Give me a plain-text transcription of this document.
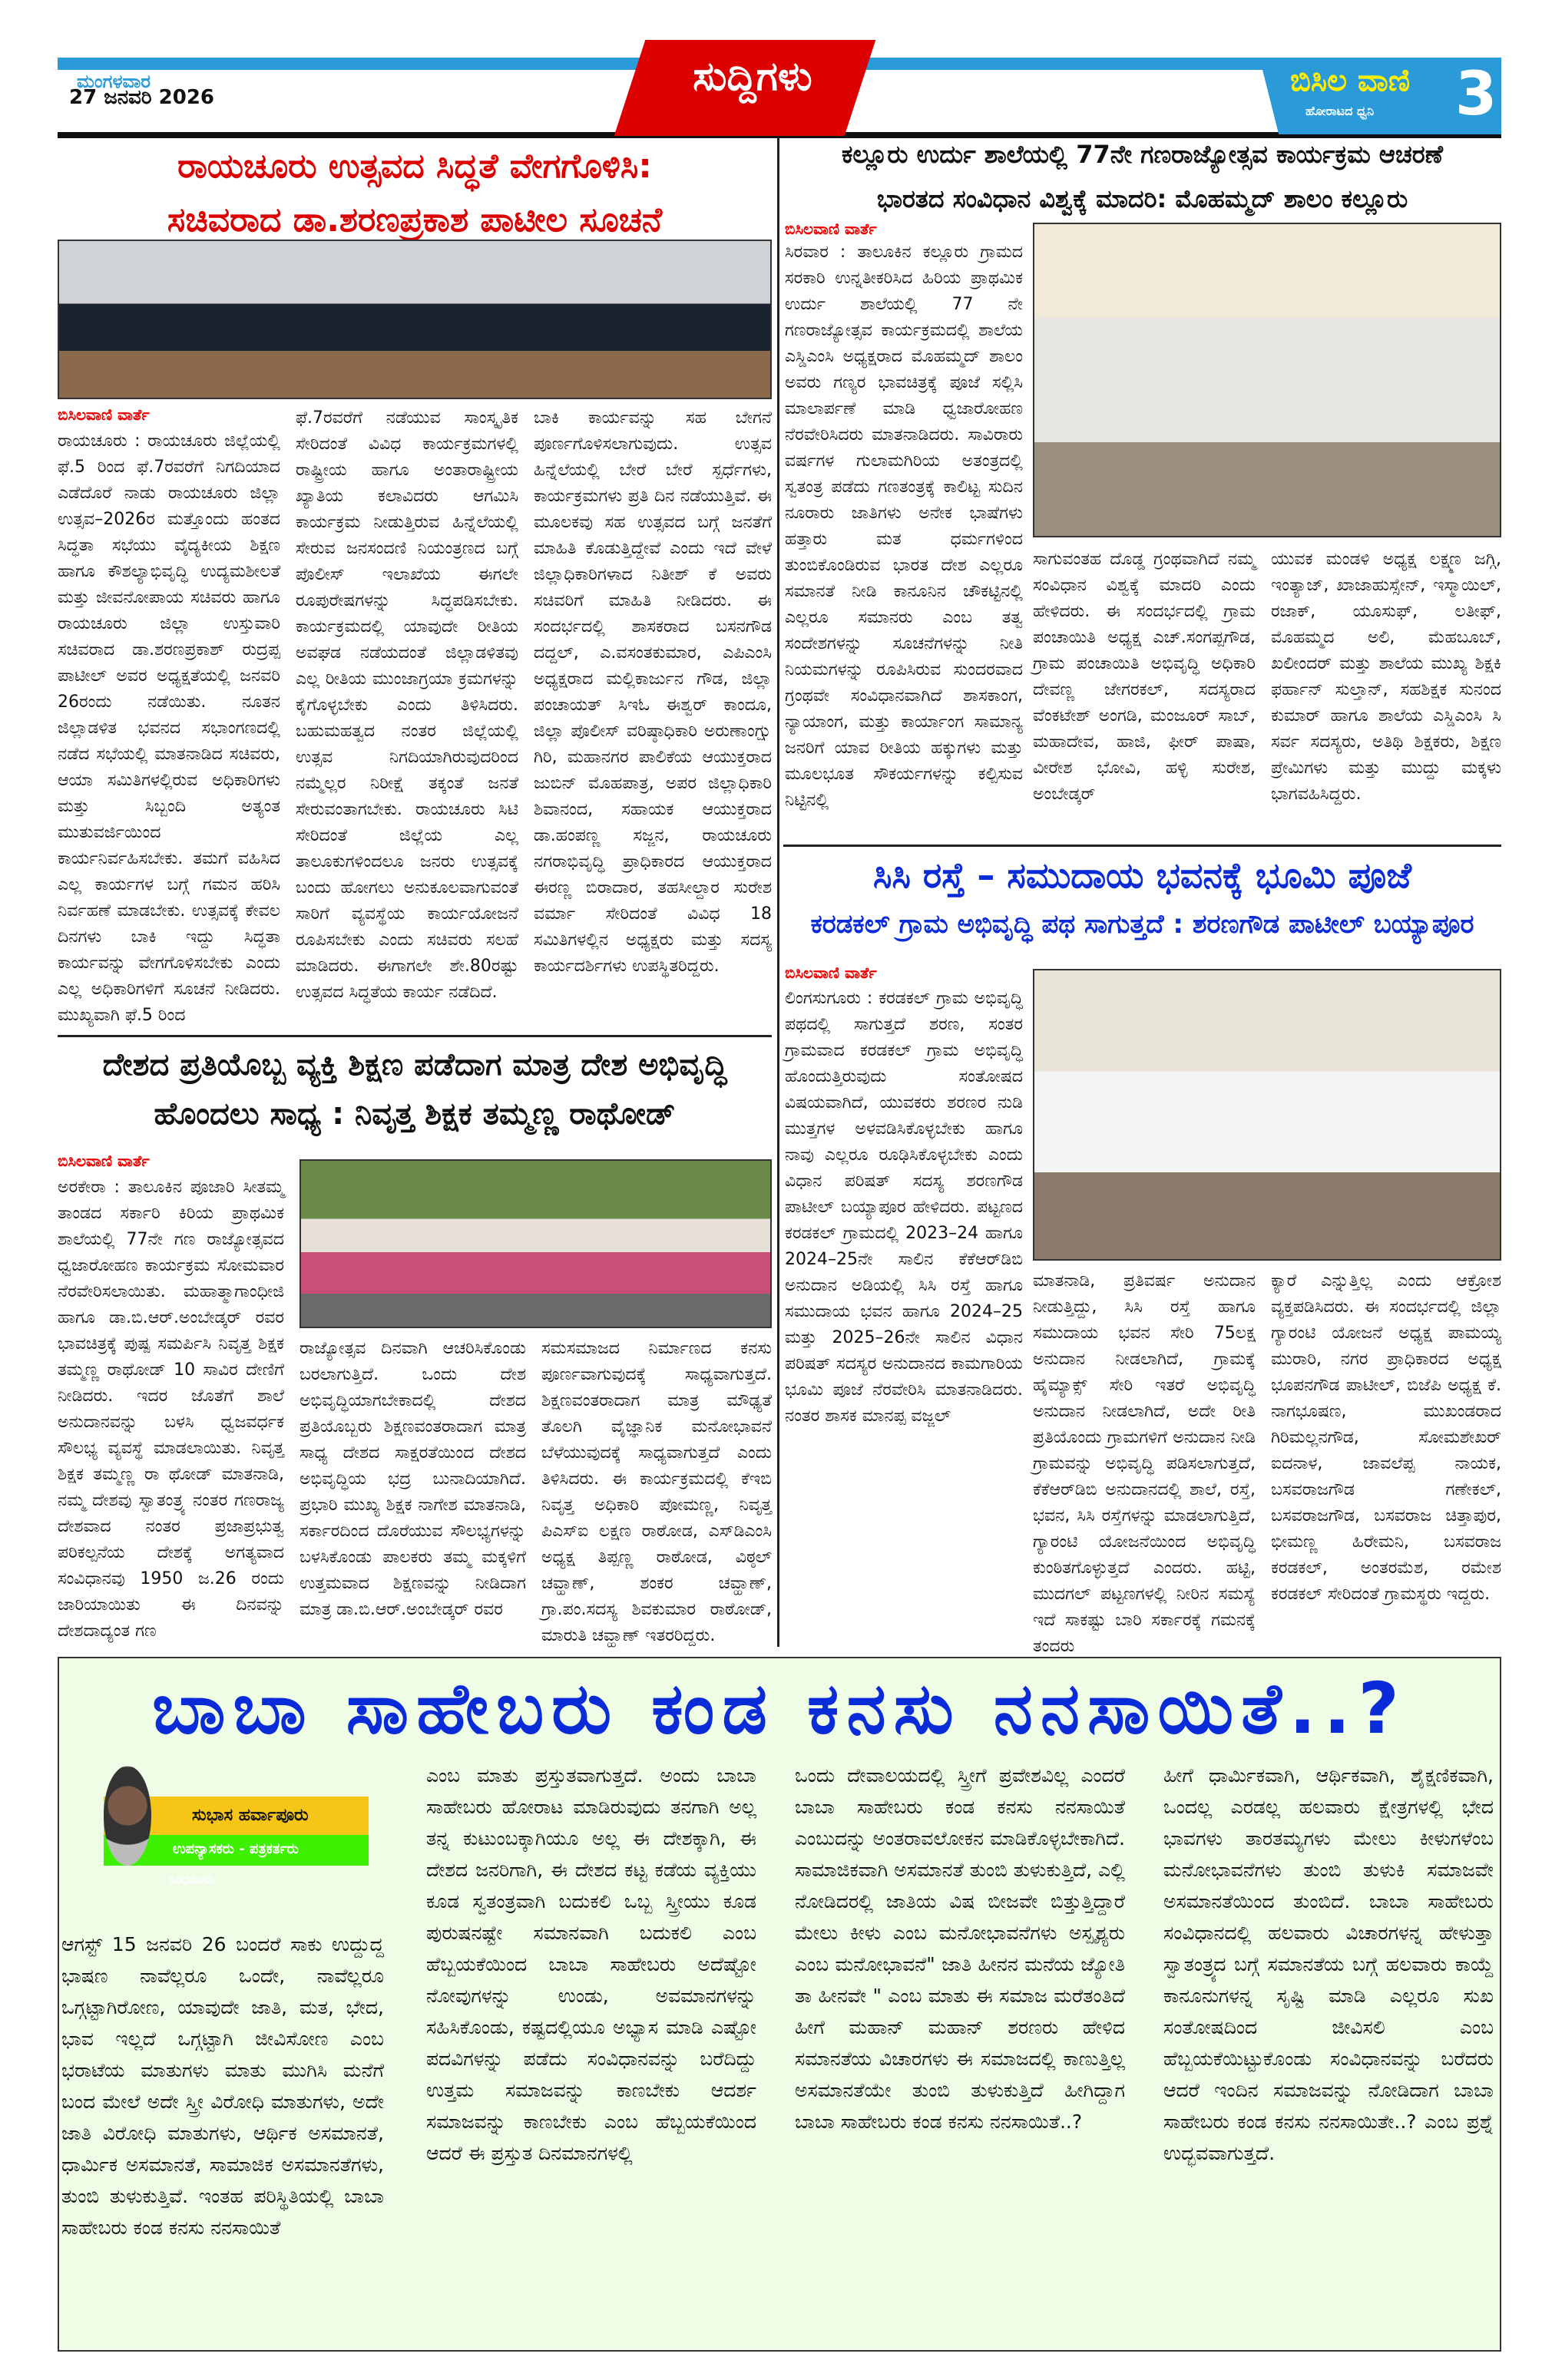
ಮಂಗಳವಾರ
27 ಜನವರಿ 2026	ಸುದ್ದಿಗಳು	ಬಿಸಿಲ ವಾಣಿ
ಹೋರಾಟದ ಧ್ವನಿ 3
ರಾಯಚೂರು ಉತ್ಸವದ ಸಿದ್ಧತೆ ವೇಗಗೊಳಿಸಿ:
ಸಚಿವರಾದ ಡಾ.ಶರಣಪ್ರಕಾಶ ಪಾಟೀಲ ಸೂಚನೆ
ಬಿಸಿಲವಾಣಿ ವಾರ್ತೆ
ರಾಯಚೂರು : ರಾಯಚೂರು ಜಿಲ್ಲೆಯಲ್ಲಿ ಫೆ.5 ರಿಂದ ಫೆ.7ರವರೆಗೆ ನಿಗದಿಯಾದ ಎಡೆದೊರೆ ನಾಡು ರಾಯಚೂರು ಜಿಲ್ಲಾ ಉತ್ಸವ–2026ರ ಮತ್ತೊಂದು ಹಂತದ ಸಿದ್ಧತಾ ಸಭೆಯು ವೈದ್ಯಕೀಯ ಶಿಕ್ಷಣ ಹಾಗೂ ಕೌಶಲ್ಯಾಭಿವೃದ್ಧಿ ಉದ್ಯಮಶೀಲತೆ ಮತ್ತು ಜೀವನೋಪಾಯ ಸಚಿವರು ಹಾಗೂ ರಾಯಚೂರು ಜಿಲ್ಲಾ ಉಸ್ತುವಾರಿ ಸಚಿವರಾದ ಡಾ.ಶರಣಪ್ರಕಾಶ್ ರುದ್ರಪ್ಪ ಪಾಟೀಲ್ ಅವರ ಅಧ್ಯಕ್ಷತೆಯಲ್ಲಿ ಜನವರಿ 26ರಂದು ನಡೆಯಿತು. ನೂತನ ಜಿಲ್ಲಾಡಳಿತ ಭವನದ ಸಭಾಂಗಣದಲ್ಲಿ ನಡೆದ ಸಭೆಯಲ್ಲಿ ಮಾತನಾಡಿದ ಸಚಿವರು, ಆಯಾ ಸಮಿತಿಗಳಲ್ಲಿರುವ ಅಧಿಕಾರಿಗಳು ಮತ್ತು ಸಿಬ್ಬಂದಿ ಅತ್ಯಂತ ಮುತುವರ್ಜಿಯಿಂದ ಕಾರ್ಯನಿರ್ವಹಿಸಬೇಕು. ತಮಗೆ ವಹಿಸಿದ ಎಲ್ಲ ಕಾರ್ಯಗಳ ಬಗ್ಗೆ ಗಮನ ಹರಿಸಿ ನಿರ್ವಹಣೆ ಮಾಡಬೇಕು. ಉತ್ಸವಕ್ಕೆ ಕೇವಲ ದಿನಗಳು ಬಾಕಿ ಇದ್ದು ಸಿದ್ಧತಾ ಕಾರ್ಯವನ್ನು ವೇಗಗೊಳಿಸಬೇಕು ಎಂದು ಎಲ್ಲ ಅಧಿಕಾರಿಗಳಿಗೆ ಸೂಚನೆ ನೀಡಿದರು. ಮುಖ್ಯವಾಗಿ ಫೆ.5 ರಿಂದ
ಫೆ.7ರವರೆಗೆ ನಡೆಯುವ ಸಾಂಸ್ಕೃತಿಕ ಸೇರಿದಂತೆ ವಿವಿಧ ಕಾರ್ಯಕ್ರಮಗಳಲ್ಲಿ ರಾಷ್ಟ್ರೀಯ ಹಾಗೂ ಅಂತಾರಾಷ್ಟ್ರೀಯ ಖ್ಯಾತಿಯ ಕಲಾವಿದರು ಆಗಮಿಸಿ ಕಾರ್ಯಕ್ರಮ ನೀಡುತ್ತಿರುವ ಹಿನ್ನೆಲೆಯಲ್ಲಿ ಸೇರುವ ಜನಸಂದಣಿ ನಿಯಂತ್ರಣದ ಬಗ್ಗೆ ಪೊಲೀಸ್ ಇಲಾಖೆಯ ಈಗಲೇ ರೂಪುರೇಷಗಳನ್ನು ಸಿದ್ಧಪಡಿಸಬೇಕು. ಕಾರ್ಯಕ್ರಮದಲ್ಲಿ ಯಾವುದೇ ರೀತಿಯ ಅವಘಡ ನಡೆಯದಂತೆ ಜಿಲ್ಲಾಡಳಿತವು ಎಲ್ಲ ರೀತಿಯ ಮುಂಜಾಗ್ರಯಾ ಕ್ರಮಗಳನ್ನು ಕೈಗೊಳ್ಳಬೇಕು ಎಂದು ತಿಳಿಸಿದರು. ಬಹುಮಹತ್ವದ ನಂತರ ಜಿಲ್ಲೆಯಲ್ಲಿ ಉತ್ಸವ ನಿಗದಿಯಾಗಿರುವುದರಿಂದ ನಮ್ಮೆಲ್ಲರ ನಿರೀಕ್ಷೆ ತಕ್ಕಂತೆ ಜನತೆ ಸೇರುವಂತಾಗಬೇಕು. ರಾಯಚೂರು ಸಿಟಿ ಸೇರಿದಂತೆ ಜಿಲ್ಲೆಯ ಎಲ್ಲ ತಾಲೂಕುಗಳಿಂದಲೂ ಜನರು ಉತ್ಸವಕ್ಕೆ ಬಂದು ಹೋಗಲು ಅನುಕೂಲವಾಗುವಂತೆ ಸಾರಿಗೆ ವ್ಯವಸ್ಥೆಯ ಕಾರ್ಯಯೋಜನೆ ರೂಪಿಸಬೇಕು ಎಂದು ಸಚಿವರು ಸಲಹೆ ಮಾಡಿದರು. ಈಗಾಗಲೇ ಶೇ.80ರಷ್ಟು ಉತ್ಸವದ ಸಿದ್ಧತೆಯ ಕಾರ್ಯ ನಡೆದಿದೆ.
ಬಾಕಿ ಕಾರ್ಯವನ್ನು ಸಹ ಬೇಗನೆ ಪೂರ್ಣಗೊಳಿಸಲಾಗುವುದು. ಉತ್ಸವ ಹಿನ್ನೆಲೆಯಲ್ಲಿ ಬೇರೆ ಬೇರೆ ಸ್ಪರ್ಧೆಗಳು, ಕಾರ್ಯಕ್ರಮಗಳು ಪ್ರತಿ ದಿನ ನಡೆಯುತ್ತಿವೆ. ಈ ಮೂಲಕವು ಸಹ ಉತ್ಸವದ ಬಗ್ಗೆ ಜನತೆಗೆ ಮಾಹಿತಿ ಕೊಡುತ್ತಿದ್ದೇವೆ ಎಂದು ಇದೆ ವೇಳೆ ಜಿಲ್ಲಾಧಿಕಾರಿಗಳಾದ ನಿತೀಶ್ ಕೆ ಅವರು ಸಚಿವರಿಗೆ ಮಾಹಿತಿ ನೀಡಿದರು. ಈ ಸಂದರ್ಭದಲ್ಲಿ ಶಾಸಕರಾದ ಬಸನಗೌಡ ದದ್ದಲ್, ಎ.ವಸಂತಕುಮಾರ, ಎಪಿಎಂಸಿ ಅಧ್ಯಕ್ಷರಾದ ಮಲ್ಲಿಕಾರ್ಜುನ ಗೌಡ, ಜಿಲ್ಲಾ ಪಂಚಾಯತ್ ಸಿಇಓ ಈಶ್ವರ್ ಕಾಂದೂ, ಜಿಲ್ಲಾ ಪೊಲೀಸ್ ವರಿಷ್ಠಾಧಿಕಾರಿ ಅರುಣಾಂಗ್ಷು ಗಿರಿ, ಮಹಾನಗರ ಪಾಲಿಕೆಯ ಆಯುಕ್ತರಾದ ಜುಬಿನ್ ಮೊಹಪಾತ್ರ, ಅಪರ ಜಿಲ್ಲಾಧಿಕಾರಿ ಶಿವಾನಂದ, ಸಹಾಯಕ ಆಯುಕ್ತರಾದ ಡಾ.ಹಂಪಣ್ಣ ಸಜ್ಜನ, ರಾಯಚೂರು ನಗರಾಭಿವೃದ್ಧಿ ಪ್ರಾಧಿಕಾರದ ಆಯುಕ್ತರಾದ ಈರಣ್ಣ ಬಿರಾದಾರ, ತಹಸೀಲ್ದಾರ ಸುರೇಶ ವರ್ಮಾ ಸೇರಿದಂತೆ ವಿವಿಧ 18 ಸಮಿತಿಗಳಲ್ಲಿನ ಅಧ್ಯಕ್ಷರು ಮತ್ತು ಸದಸ್ಯ ಕಾರ್ಯದರ್ಶಿಗಳು ಉಪಸ್ಥಿತರಿದ್ದರು.
ದೇಶದ ಪ್ರತಿಯೊಬ್ಬ ವ್ಯಕ್ತಿ ಶಿಕ್ಷಣ ಪಡೆದಾಗ ಮಾತ್ರ ದೇಶ ಅಭಿವೃದ್ಧಿ
ಹೊಂದಲು ಸಾಧ್ಯ : ನಿವೃತ್ತ ಶಿಕ್ಷಕ ತಮ್ಮಣ್ಣ ರಾಥೋಡ್
ಬಿಸಿಲವಾಣಿ ವಾರ್ತೆ
ಅರಕೇರಾ : ತಾಲೂಕಿನ ಪೂಜಾರಿ ಸೀತಮ್ಮ ತಾಂಡದ ಸರ್ಕಾರಿ ಕಿರಿಯ ಪ್ರಾಥಮಿಕ ಶಾಲೆಯಲ್ಲಿ 77ನೇ ಗಣ ರಾಜ್ಯೋತ್ಸವದ ಧ್ವಜಾರೋಹಣ ಕಾರ್ಯಕ್ರಮ ಸೋಮವಾರ ನೆರವೇರಿಸಲಾಯಿತು. ಮಹಾತ್ಮಾಗಾಂಧೀಜಿ ಹಾಗೂ ಡಾ.ಬಿ.ಆರ್.ಅಂಬೇಡ್ಕರ್ ರವರ ಭಾವಚಿತ್ರಕ್ಕೆ ಪುಷ್ಪ ಸಮರ್ಪಿಸಿ ನಿವೃತ್ತ ಶಿಕ್ಷಕ ತಮ್ಮಣ್ಣ ರಾಥೋಡ್ 10 ಸಾವಿರ ದೇಣಿಗೆ ನೀಡಿದರು. ಇದರ ಜೊತೆಗೆ ಶಾಲೆ ಅನುದಾನವನ್ನು ಬಳಸಿ ಧ್ವಜವರ್ಧಕ ಸೌಲಭ್ಯ ವ್ಯವಸ್ಥೆ ಮಾಡಲಾಯಿತು. ನಿವೃತ್ತ ಶಿಕ್ಷಕ ತಮ್ಮಣ್ಣ ರಾ ಥೋಡ್ ಮಾತನಾಡಿ, ನಮ್ಮ ದೇಶವು ಸ್ವಾತಂತ್ರ್ಯ ನಂತರ ಗಣರಾಜ್ಯ ದೇಶವಾದ ನಂತರ ಪ್ರಜಾಪ್ರಭುತ್ವ ಪರಿಕಲ್ಪನೆಯ ದೇಶಕ್ಕೆ ಅಗತ್ಯವಾದ ಸಂವಿಧಾನವು 1950 ಜ.26 ರಂದು ಜಾರಿಯಾಯಿತು ಈ ದಿನವನ್ನು ದೇಶದಾದ್ಯಂತ ಗಣ
ರಾಜ್ಯೋತ್ಸವ ದಿನವಾಗಿ ಆಚರಿಸಿಕೊಂಡು ಬರಲಾಗುತ್ತಿದೆ. ಒಂದು ದೇಶ ಅಭಿವೃದ್ಧಿಯಾಗಬೇಕಾದಲ್ಲಿ ದೇಶದ ಪ್ರತಿಯೊಬ್ಬರು ಶಿಕ್ಷಣವಂತರಾದಾಗ ಮಾತ್ರ ಸಾಧ್ಯ ದೇಶದ ಸಾಕ್ಷರತೆಯಿಂದ ದೇಶದ ಅಭಿವೃದ್ಧಿಯ ಭದ್ರ ಬುನಾದಿಯಾಗಿದೆ. ಪ್ರಭಾರಿ ಮುಖ್ಯ ಶಿಕ್ಷಕ ನಾಗೇಶ ಮಾತನಾಡಿ, ಸರ್ಕಾರದಿಂದ ದೊರೆಯುವ ಸೌಲಭ್ಯಗಳನ್ನು ಬಳಸಿಕೊಂಡು ಪಾಲಕರು ತಮ್ಮ ಮಕ್ಕಳಿಗೆ ಉತ್ತಮವಾದ ಶಿಕ್ಷಣವನ್ನು ನೀಡಿದಾಗ ಮಾತ್ರ ಡಾ.ಬಿ.ಆರ್.ಅಂಬೇಡ್ಕರ್ ರವರ
ಸಮಸಮಾಜದ ನಿರ್ಮಾಣದ ಕನಸು ಪೂರ್ಣವಾಗುವುದಕ್ಕೆ ಸಾಧ್ಯವಾಗುತ್ತದೆ. ಶಿಕ್ಷಣವಂತರಾದಾಗ ಮಾತ್ರ ಮೌಢ್ಯತೆ ತೊಲಗಿ ವೈಜ್ಞಾನಿಕ ಮನೋಭಾವನೆ ಬೆಳೆಯುವುದಕ್ಕೆ ಸಾಧ್ಯವಾಗುತ್ತದೆ ಎಂದು ತಿಳಿಸಿದರು. ಈ ಕಾರ್ಯಕ್ರಮದಲ್ಲಿ ಕೆಇಬಿ ನಿವೃತ್ತ ಅಧಿಕಾರಿ ಪೋಮಣ್ಣ, ನಿವೃತ್ತ ಪಿಎಸ್ಐ ಲಕ್ಷಣ ರಾಠೋಡ, ಎಸ್‌ಡಿಎಂಸಿ ಅಧ್ಯಕ್ಷ ತಿಪ್ಪಣ್ಣ ರಾಠೋಡ, ವಿಠ್ಠಲ್ ಚವ್ಹಾಣ್, ಶಂಕರ ಚವ್ಹಾಣ್, ಗ್ರಾ.ಪಂ.ಸದಸ್ಯ ಶಿವಕುಮಾರ ರಾಠೋಡ್, ಮಾರುತಿ ಚವ್ಹಾಣ್ ಇತರರಿದ್ದರು.
ಕಲ್ಲೂರು ಉರ್ದು ಶಾಲೆಯಲ್ಲಿ 77ನೇ ಗಣರಾಜ್ಯೋತ್ಸವ ಕಾರ್ಯಕ್ರಮ ಆಚರಣೆ
ಭಾರತದ ಸಂವಿಧಾನ ವಿಶ್ವಕ್ಕೆ ಮಾದರಿ: ಮೊಹಮ್ಮದ್ ಶಾಲಂ ಕಲ್ಲೂರು
ಬಿಸಿಲವಾಣಿ ವಾರ್ತೆ
ಸಿರವಾರ : ತಾಲೂಕಿನ ಕಲ್ಲೂರು ಗ್ರಾಮದ ಸರಕಾರಿ ಉನ್ನತೀಕರಿಸಿದ ಹಿರಿಯ ಪ್ರಾಥಮಿಕ ಉರ್ದು ಶಾಲೆಯಲ್ಲಿ 77 ನೇ ಗಣರಾಜ್ಯೋತ್ಸವ ಕಾರ್ಯಕ್ರಮದಲ್ಲಿ ಶಾಲೆಯ ಎಸ್ಡಿಎಂಸಿ ಅಧ್ಯಕ್ಷರಾದ ಮೊಹಮ್ಮದ್ ಶಾಲಂ ಅವರು ಗಣ್ಯರ ಭಾವಚಿತ್ರಕ್ಕೆ ಪೂಜೆ ಸಲ್ಲಿಸಿ ಮಾಲಾರ್ಪಣೆ ಮಾಡಿ ಧ್ವಜಾರೋಹಣ ನೆರವೇರಿಸಿದರು ಮಾತನಾಡಿದರು. ಸಾವಿರಾರು ವರ್ಷಗಳ ಗುಲಾಮಗಿರಿಯ ಅತಂತ್ರದಲ್ಲಿ ಸ್ವತಂತ್ರ ಪಡೆದು ಗಣತಂತ್ರಕ್ಕೆ ಕಾಲಿಟ್ಟ ಸುದಿನ ನೂರಾರು ಜಾತಿಗಳು ಅನೇಕ ಭಾಷೆಗಳು ಹತ್ತಾರು ಮತ ಧರ್ಮಗಳಿಂದ ತುಂಬಿಕೊಂಡಿರುವ ಭಾರತ ದೇಶ ಎಲ್ಲರೂ ಸಮಾನತೆ ನೀಡಿ ಕಾನೂನಿನ ಚೌಕಟ್ಟಿನಲ್ಲಿ ಎಲ್ಲರೂ ಸಮಾನರು ಎಂಬ ತತ್ವ ಸಂದೇಶಗಳನ್ನು ಸೂಚನೆಗಳನ್ನು ನೀತಿ ನಿಯಮಗಳನ್ನು ರೂಪಿಸಿರುವ ಸುಂದರವಾದ ಗ್ರಂಥವೇ ಸಂವಿಧಾನವಾಗಿದೆ ಶಾಸಕಾಂಗ, ನ್ಯಾಯಾಂಗ, ಮತ್ತು ಕಾರ್ಯಾಂಗ ಸಾಮಾನ್ಯ ಜನರಿಗೆ ಯಾವ ರೀತಿಯ ಹಕ್ಕುಗಳು ಮತ್ತು ಮೂಲಭೂತ ಸೌಕರ್ಯಗಳನ್ನು ಕಲ್ಪಿಸುವ ನಿಟ್ಟಿನಲ್ಲಿ
ಸಾಗುವಂತಹ ದೊಡ್ಡ ಗ್ರಂಥವಾಗಿದೆ ನಮ್ಮ ಸಂವಿಧಾನ ವಿಶ್ವಕ್ಕೆ ಮಾದರಿ ಎಂದು ಹೇಳಿದರು. ಈ ಸಂದರ್ಭದಲ್ಲಿ ಗ್ರಾಮ ಪಂಚಾಯಿತಿ ಅಧ್ಯಕ್ಷ ಎಚ್.ಸಂಗಪ್ಪಗೌಡ, ಗ್ರಾಮ ಪಂಚಾಯಿತಿ ಅಭಿವೃದ್ಧಿ ಅಧಿಕಾರಿ ದೇವಣ್ಣ ಜೇಗರಕಲ್, ಸದಸ್ಯರಾದ ವೆಂಕಟೇಶ್ ಅಂಗಡಿ, ಮಂಜೂರ್ ಸಾಬ್, ಮಹಾದೇವ, ಹಾಜಿ, ಫೀರ್ ಪಾಷಾ, ವೀರೇಶ ಭೋವಿ, ಹಳ್ಳಿ ಸುರೇಶ, ಅಂಬೇಡ್ಕರ್
ಯುವಕ ಮಂಡಳಿ ಅಧ್ಯಕ್ಷ ಲಕ್ಷ್ಮಣ ಜಗ್ಗಿ, ಇಂತ್ಯಾಜ್, ಖಾಜಾಹುಸ್ಸೇನ್, ಇಸ್ಮಾಯಿಲ್, ರಜಾಕ್, ಯೂಸುಫ್, ಲತೀಫ್, ಮೊಹಮ್ಮದ ಅಲಿ, ಮೆಹಬೂಬ್, ಖಲೀಂದರ್ ಮತ್ತು ಶಾಲೆಯ ಮುಖ್ಯ ಶಿಕ್ಷಕಿ ಫರ್ಹಾನ್ ಸುಲ್ತಾನ್, ಸಹಶಿಕ್ಷಕ ಸುನಂದ ಕುಮಾರ್ ಹಾಗೂ ಶಾಲೆಯ ಎಸ್ಡಿಎಂಸಿ ಸಿ ಸರ್ವ ಸದಸ್ಯರು, ಅತಿಥಿ ಶಿಕ್ಷಕರು, ಶಿಕ್ಷಣ ಪ್ರೇಮಿಗಳು ಮತ್ತು ಮುದ್ದು ಮಕ್ಕಳು ಭಾಗವಹಿಸಿದ್ದರು.
ಸಿಸಿ ರಸ್ತೆ – ಸಮುದಾಯ ಭವನಕ್ಕೆ ಭೂಮಿ ಪೂಜೆ
ಕರಡಕಲ್ ಗ್ರಾಮ ಅಭಿವೃದ್ಧಿ ಪಥ ಸಾಗುತ್ತದೆ : ಶರಣಗೌಡ ಪಾಟೀಲ್ ಬಯ್ಯಾಪೂರ
ಬಿಸಿಲವಾಣಿ ವಾರ್ತೆ
ಲಿಂಗಸುಗೂರು : ಕರಡಕಲ್ ಗ್ರಾಮ ಅಭಿವೃದ್ಧಿ ಪಥದಲ್ಲಿ ಸಾಗುತ್ತದೆ ಶರಣ, ಸಂತರ ಗ್ರಾಮವಾದ ಕರಡಕಲ್ ಗ್ರಾಮ ಅಭಿವೃದ್ಧಿ ಹೊಂದುತ್ತಿರುವುದು ಸಂತೋಷದ ವಿಷಯವಾಗಿದೆ, ಯುವಕರು ಶರಣರ ನುಡಿ ಮುತ್ತಗಳ ಅಳವಡಿಸಿಕೊಳ್ಳಬೇಕು ಹಾಗೂ ನಾವು ಎಲ್ಲರೂ ರೂಢಿಸಿಕೊಳ್ಳಬೇಕು ಎಂದು ವಿಧಾನ ಪರಿಷತ್ ಸದಸ್ಯ ಶರಣಗೌಡ ಪಾಟೀಲ್ ಬಯ್ಯಾಪೂರ ಹೇಳಿದರು. ಪಟ್ಟಣದ ಕರಡಕಲ್ ಗ್ರಾಮದಲ್ಲಿ 2023–24 ಹಾಗೂ 2024–25ನೇ ಸಾಲಿನ ಕೆಕೆಆರ್‌ಡಿಬಿ ಅನುದಾನ ಅಡಿಯಲ್ಲಿ ಸಿಸಿ ರಸ್ತೆ ಹಾಗೂ ಸಮುದಾಯ ಭವನ ಹಾಗೂ 2024–25 ಮತ್ತು 2025–26ನೇ ಸಾಲಿನ ವಿಧಾನ ಪರಿಷತ್ ಸದಸ್ಯರ ಅನುದಾನದ ಕಾಮಗಾರಿಯ ಭೂಮಿ ಪೂಜೆ ನೆರವೇರಿಸಿ ಮಾತನಾಡಿದರು. ನಂತರ ಶಾಸಕ ಮಾನಪ್ಪ ವಜ್ಜಲ್
ಮಾತನಾಡಿ, ಪ್ರತಿವರ್ಷ ಅನುದಾನ ನೀಡುತ್ತಿದ್ದು, ಸಿಸಿ ರಸ್ತೆ ಹಾಗೂ ಸಮುದಾಯ ಭವನ ಸೇರಿ 75ಲಕ್ಷ ಅನುದಾನ ನೀಡಲಾಗಿದೆ, ಗ್ರಾಮಕ್ಕೆ ಹೈಮ್ಯಾಕ್ಸ್ ಸೇರಿ ಇತರೆ ಅಭಿವೃದ್ಧಿ ಅನುದಾನ ನೀಡಲಾಗಿದೆ, ಅದೇ ರೀತಿ ಪ್ರತಿಯೊಂದು ಗ್ರಾಮಗಳಿಗೆ ಅನುದಾನ ನೀಡಿ ಗ್ರಾಮವನ್ನು ಅಭಿವೃದ್ಧಿ ಪಡಿಸಲಾಗುತ್ತದೆ, ಕೆಕೆಆರ್‌ಡಿಬಿ ಅನುದಾನದಲ್ಲಿ ಶಾಲೆ, ರಸ್ತೆ, ಭವನ, ಸಿಸಿ ರಸ್ತೆಗಳನ್ನು ಮಾಡಲಾಗುತ್ತಿದೆ, ಗ್ಯಾರಂಟಿ ಯೋಜನೆಯಿಂದ ಅಭಿವೃದ್ಧಿ ಕುಂಠಿತಗೊಳ್ಳುತ್ತದೆ ಎಂದರು. ಹಟ್ಟಿ, ಮುದಗಲ್ ಪಟ್ಟಣಗಳಲ್ಲಿ ನೀರಿನ ಸಮಸ್ಯೆ ಇದೆ ಸಾಕಷ್ಟು ಬಾರಿ ಸರ್ಕಾರಕ್ಕೆ ಗಮನಕ್ಕೆ ತಂದರು
ಕ್ಯಾರೆ ಎನ್ನುತ್ತಿಲ್ಲ ಎಂದು ಆಕ್ರೋಶ ವ್ಯಕ್ತಪಡಿಸಿದರು. ಈ ಸಂದರ್ಭದಲ್ಲಿ ಜಿಲ್ಲಾ ಗ್ಯಾರಂಟಿ ಯೋಜನೆ ಅಧ್ಯಕ್ಷ ಪಾಮಯ್ಯ ಮುರಾರಿ, ನಗರ ಪ್ರಾಧಿಕಾರದ ಅಧ್ಯಕ್ಷ ಭೂಪನಗೌಡ ಪಾಟೀಲ್, ಬಿಜೆಪಿ ಅಧ್ಯಕ್ಷ ಕೆ. ನಾಗಭೂಷಣ, ಮುಖಂಡರಾದ ಗಿರಿಮಲ್ಲನಗೌಡ, ಸೋಮಶೇಖರ್ ಐದನಾಳ, ಜಾವಲೆಪ್ಪ ನಾಯಕ, ಬಸವರಾಜಗೌಡ ಗಣೇಕಲ್, ಬಸವರಾಜಗೌಡ, ಬಸವರಾಜ ಚಿತ್ತಾಪುರ, ಭೀಮಣ್ಣ ಹಿರೇಮನಿ, ಬಸವರಾಜ ಕರಡಕಲ್, ಅಂತರಮೆಶ, ರಮೇಶ ಕರಡಕಲ್ ಸೇರಿದಂತೆ ಗ್ರಾಮಸ್ಥರು ಇದ್ದರು.
ಬಾಬಾ ಸಾಹೇಬರು ಕಂಡ ಕನಸು ನನಸಾಯಿತೆ..?
ಸುಭಾಸ ಹರ್ವಾಪೂರು
ಉಪನ್ಯಾಸಕರು - ಪತ್ರಕರ್ತರು
ಸಿಂಧನೂರು
ಆಗಸ್ಟ್ 15 ಜನವರಿ 26 ಬಂದರೆ ಸಾಕು ಉದ್ದುದ್ದ ಭಾಷಣ ನಾವೆಲ್ಲರೂ ಒಂದೇ, ನಾವೆಲ್ಲರೂ ಒಗ್ಗಟ್ಟಾಗಿರೋಣ, ಯಾವುದೇ ಜಾತಿ, ಮತ, ಭೇದ, ಭಾವ ಇಲ್ಲದೆ ಒಗ್ಗಟ್ಟಾಗಿ ಜೀವಿಸೋಣ ಎಂಬ ಭರಾಟೆಯ ಮಾತುಗಳು ಮಾತು ಮುಗಿಸಿ ಮನೆಗೆ ಬಂದ ಮೇಲೆ ಅದೇ ಸ್ತ್ರೀ ವಿರೋಧಿ ಮಾತುಗಳು, ಅದೇ ಜಾತಿ ವಿರೋಧಿ ಮಾತುಗಳು, ಆರ್ಥಿಕ ಅಸಮಾನತೆ, ಧಾರ್ಮಿಕ ಅಸಮಾನತೆ, ಸಾಮಾಜಿಕ ಅಸಮಾನತೆಗಳು, ತುಂಬಿ ತುಳುಕುತ್ತಿವೆ. ಇಂತಹ ಪರಿಸ್ಥಿತಿಯಲ್ಲಿ ಬಾಬಾ ಸಾಹೇಬರು ಕಂಡ ಕನಸು ನನಸಾಯಿತೆ
ಎಂಬ ಮಾತು ಪ್ರಸ್ತುತವಾಗುತ್ತದೆ. ಅಂದು ಬಾಬಾ ಸಾಹೇಬರು ಹೋರಾಟ ಮಾಡಿರುವುದು ತನಗಾಗಿ ಅಲ್ಲ ತನ್ನ ಕುಟುಂಬಕ್ಕಾಗಿಯೂ ಅಲ್ಲ ಈ ದೇಶಕ್ಕಾಗಿ, ಈ ದೇಶದ ಜನರಿಗಾಗಿ, ಈ ದೇಶದ ಕಟ್ಟ ಕಡೆಯ ವ್ಯಕ್ತಿಯು ಕೂಡ ಸ್ವತಂತ್ರವಾಗಿ ಬದುಕಲಿ ಒಬ್ಬ ಸ್ತ್ರೀಯು ಕೂಡ ಪುರುಷನಷ್ಟೇ ಸಮಾನವಾಗಿ ಬದುಕಲಿ ಎಂಬ ಹೆಬ್ಬಯಕೆಯಿಂದ ಬಾಬಾ ಸಾಹೇಬರು ಅದೆಷ್ಟೋ ನೋವುಗಳನ್ನು ಉಂಡು, ಅವಮಾನಗಳನ್ನು ಸಹಿಸಿಕೊಂಡು, ಕಷ್ಟದಲ್ಲಿಯೂ ಅಭ್ಯಾಸ ಮಾಡಿ ಎಷ್ಟೋ ಪದವಿಗಳನ್ನು ಪಡೆದು ಸಂವಿಧಾನವನ್ನು ಬರೆದಿದ್ದು ಉತ್ತಮ ಸಮಾಜವನ್ನು ಕಾಣಬೇಕು ಆದರ್ಶ ಸಮಾಜವನ್ನು ಕಾಣಬೇಕು ಎಂಬ ಹೆಬ್ಬಯಕೆಯಿಂದ ಆದರೆ ಈ ಪ್ರಸ್ತುತ ದಿನಮಾನಗಳಲ್ಲಿ
ಒಂದು ದೇವಾಲಯದಲ್ಲಿ ಸ್ತ್ರೀಗೆ ಪ್ರವೇಶವಿಲ್ಲ ಎಂದರೆ ಬಾಬಾ ಸಾಹೇಬರು ಕಂಡ ಕನಸು ನನಸಾಯಿತೆ ಎಂಬುದನ್ನು ಅಂತರಾವಲೋಕನ ಮಾಡಿಕೊಳ್ಳಬೇಕಾಗಿದೆ. ಸಾಮಾಜಿಕವಾಗಿ ಅಸಮಾನತೆ ತುಂಬಿ ತುಳುಕುತ್ತಿದೆ, ಎಲ್ಲಿ ನೋಡಿದರಲ್ಲಿ ಜಾತಿಯ ವಿಷ ಬೀಜವೇ ಬಿತ್ತುತ್ತಿದ್ದಾರೆ ಮೇಲು ಕೀಳು ಎಂಬ ಮನೋಭಾವನೆಗಳು ಅಸ್ಪೃಶ್ಯರು ಎಂಬ ಮನೋಭಾವನೆ" ಜಾತಿ ಹೀನನ ಮನೆಯ ಜ್ಯೋತಿ ತಾ ಹೀನವೇ " ಎಂಬ ಮಾತು ಈ ಸಮಾಜ ಮರೆತಂತಿದೆ ಹೀಗೆ ಮಹಾನ್ ಮಹಾನ್ ಶರಣರು ಹೇಳಿದ ಸಮಾನತೆಯ ವಿಚಾರಗಳು ಈ ಸಮಾಜದಲ್ಲಿ ಕಾಣುತ್ತಿಲ್ಲ ಅಸಮಾನತೆಯೇ ತುಂಬಿ ತುಳುಕುತ್ತಿದೆ ಹೀಗಿದ್ದಾಗ ಬಾಬಾ ಸಾಹೇಬರು ಕಂಡ ಕನಸು ನನಸಾಯಿತೆ..?
ಹೀಗೆ ಧಾರ್ಮಿಕವಾಗಿ, ಆರ್ಥಿಕವಾಗಿ, ಶೈಕ್ಷಣಿಕವಾಗಿ, ಒಂದಲ್ಲ ಎರಡಲ್ಲ ಹಲವಾರು ಕ್ಷೇತ್ರಗಳಲ್ಲಿ ಭೇದ ಭಾವಗಳು ತಾರತಮ್ಯಗಳು ಮೇಲು ಕೀಳುಗಳೆಂಬ ಮನೋಭಾವನೆಗಳು ತುಂಬಿ ತುಳುಕಿ ಸಮಾಜವೇ ಅಸಮಾನತೆಯಿಂದ ತುಂಬಿದೆ. ಬಾಬಾ ಸಾಹೇಬರು ಸಂವಿಧಾನದಲ್ಲಿ ಹಲವಾರು ವಿಚಾರಗಳನ್ನ ಹೇಳುತ್ತಾ ಸ್ವಾತಂತ್ರ್ಯದ ಬಗ್ಗೆ ಸಮಾನತೆಯ ಬಗ್ಗೆ ಹಲವಾರು ಕಾಯ್ದೆ ಕಾನೂನುಗಳನ್ನ ಸೃಷ್ಟಿ ಮಾಡಿ ಎಲ್ಲರೂ ಸುಖ ಸಂತೋಷದಿಂದ ಜೀವಿಸಲಿ ಎಂಬ ಹೆಬ್ಬಯಕೆಯಿಟ್ಟುಕೊಂಡು ಸಂವಿಧಾನವನ್ನು ಬರೆದರು ಆದರೆ ಇಂದಿನ ಸಮಾಜವನ್ನು ನೋಡಿದಾಗ ಬಾಬಾ ಸಾಹೇಬರು ಕಂಡ ಕನಸು ನನಸಾಯಿತೇ..? ಎಂಬ ಪ್ರಶ್ನೆ ಉದ್ಭವವಾಗುತ್ತದೆ.
